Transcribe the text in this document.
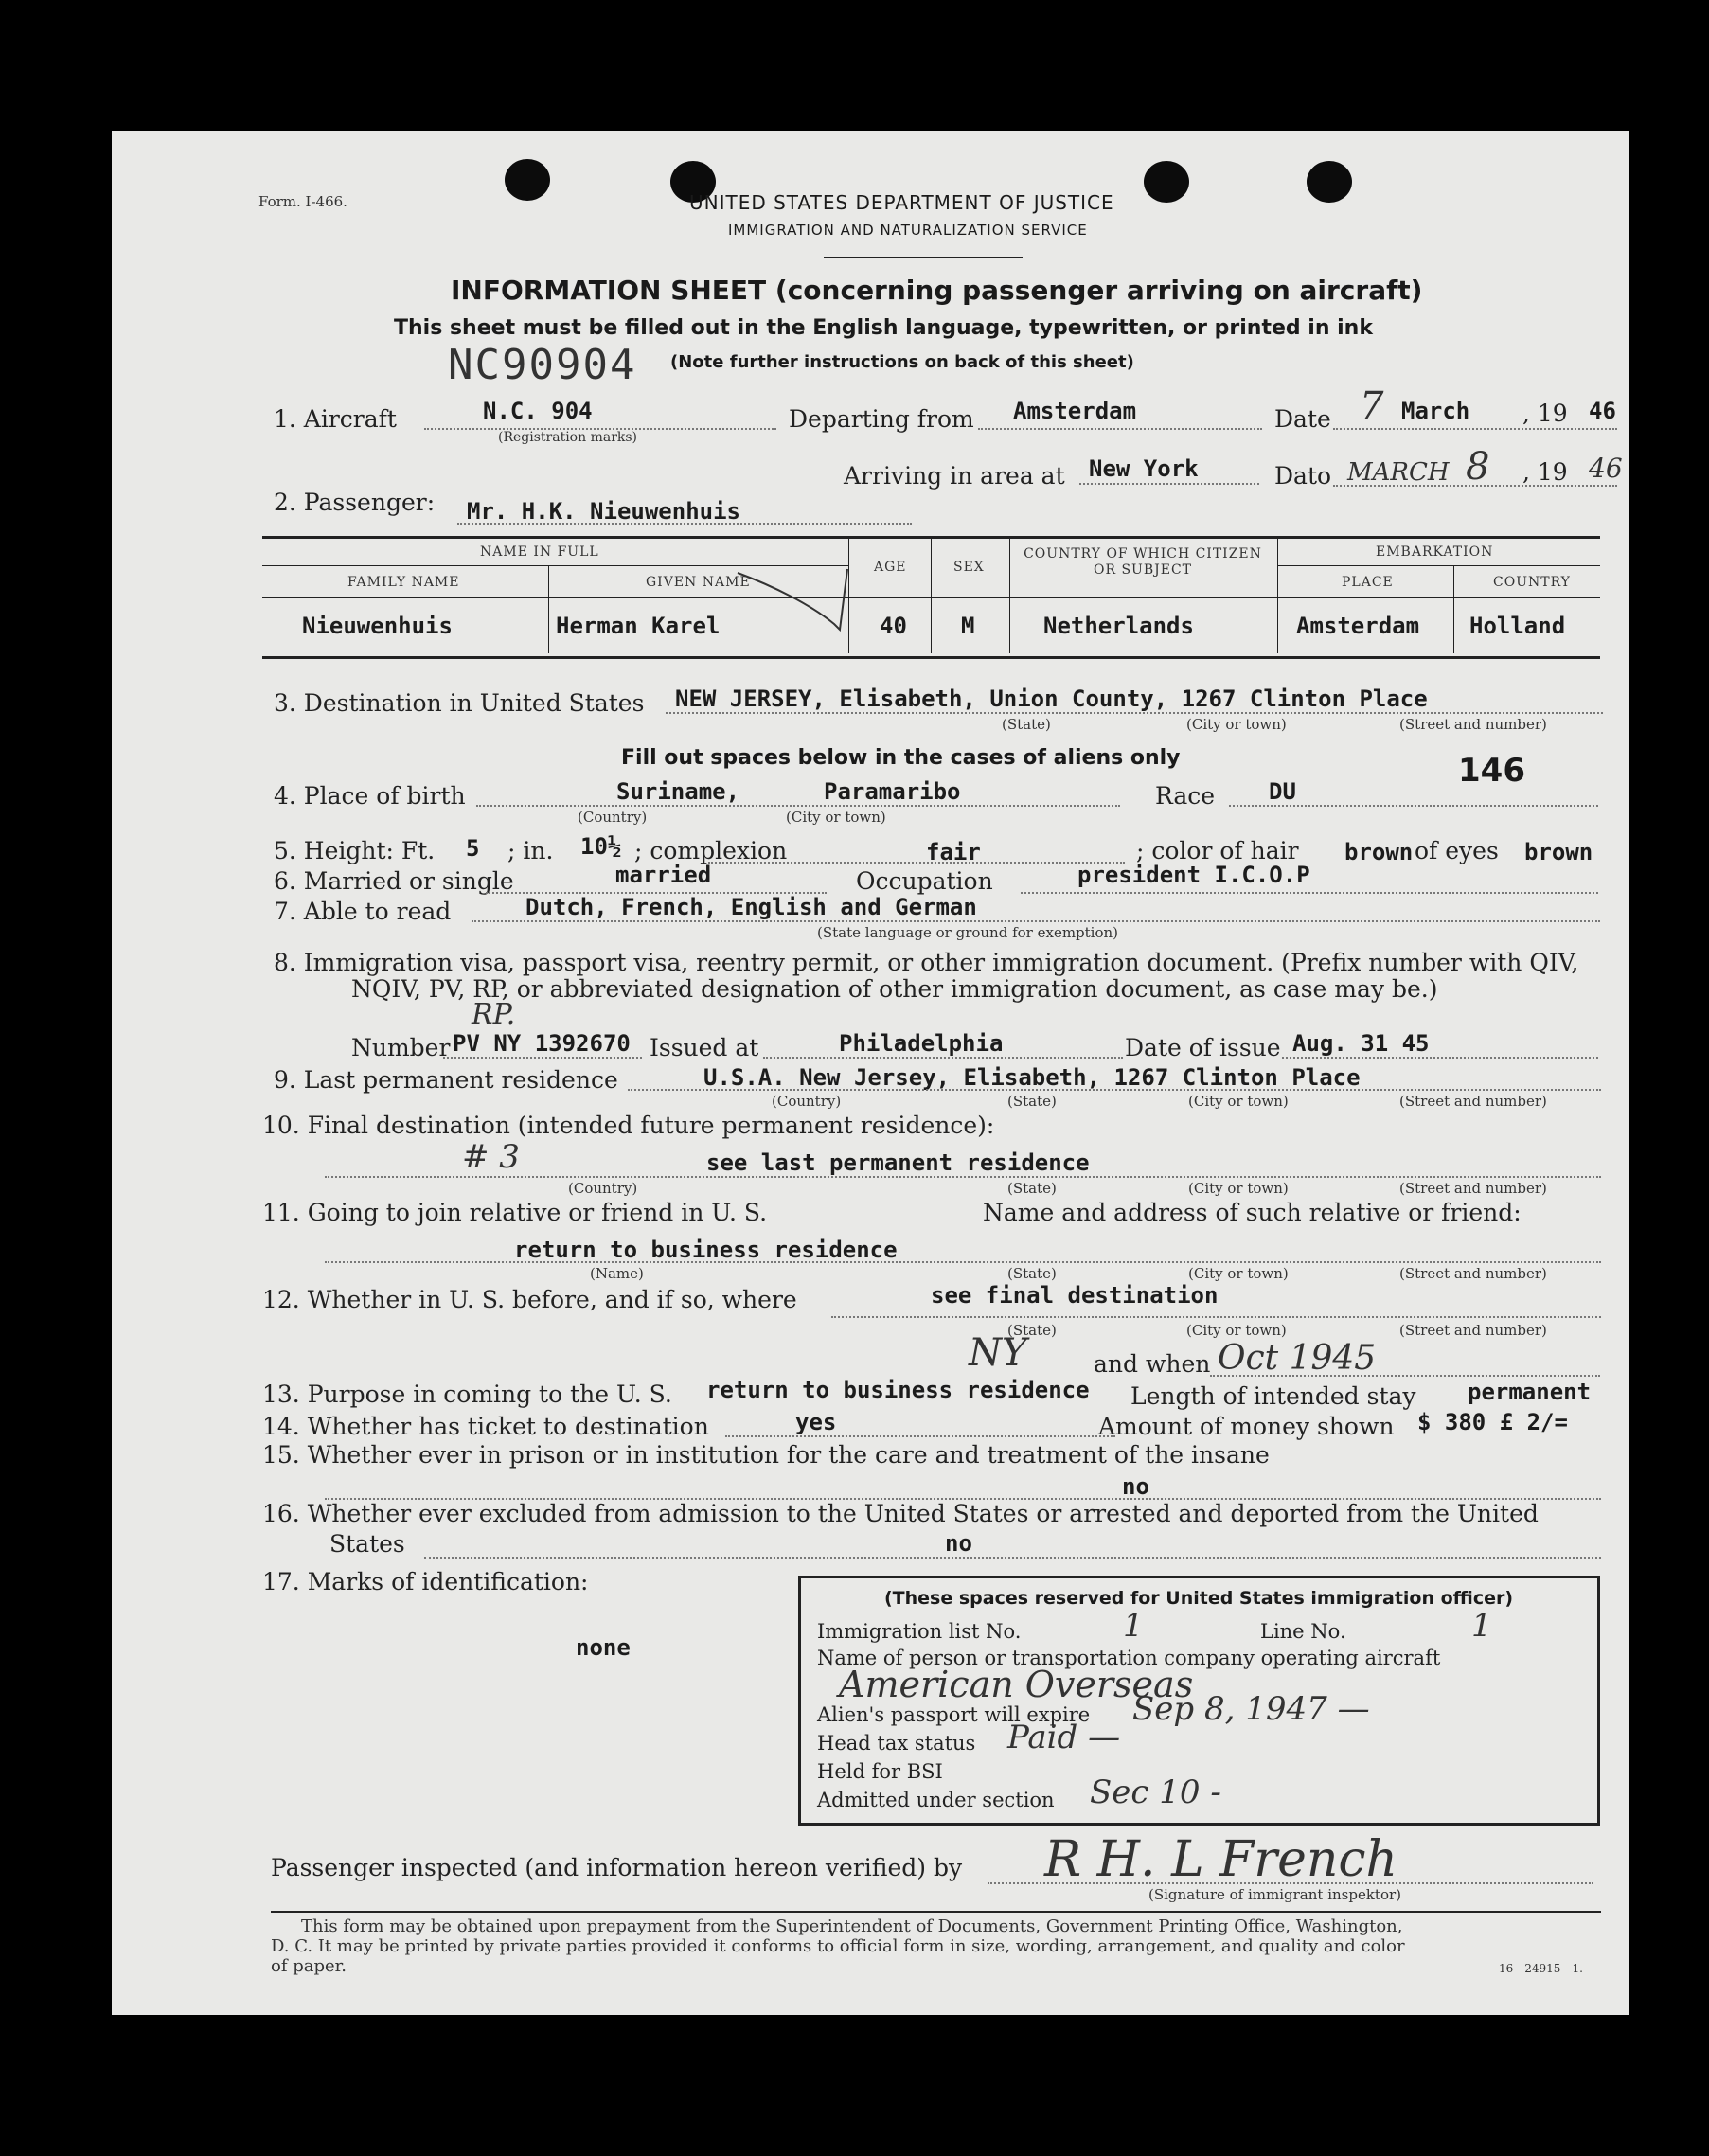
Form. I-466.	UNITED STATES DEPARTMENT OF JUSTICE
IMMIGRATION AND NATURALIZATION SERVICE
INFORMATION SHEET (concerning passenger arriving on aircraft)
This sheet must be filled out in the English language, typewritten, or printed in ink
NC90904 (Note further instructions on back of this sheet)
1. Aircraft	N.C. 904
(Registration marks)
Departing from Amsterdam	Date 7 March , 19 46
Arriving in area at New York	Dato MARCH 8 , 19 46
2. Passenger: Mr. H.K. Nieuwenhuis
NAME IN FULL
FAMILY NAME	GIVEN NAME
AGE	SEX
COUNTRY OF WHICH CITIZEN OR SUBJECT
EMBARKATION
PLACE	COUNTRY
Nieuwenhuis	Herman Karel	40 M	Netherlands	Amsterdam Holland
3. Destination in United States NEW JERSEY, Elisabeth, Union County, 1267 Clinton Place
(State)	(City or town)	(Street and number)
Fill out spaces below in the cases of aliens only	146
4. Place of birth	Suriname,	Paramaribo
(Country)	(City or town)
Race DU
5. Height: Ft. 5 ; in. 10½ ; complexion	fair	; color of hair brown of eyes brown
6. Married or single	married	Occupation	president I.C.O.P
7. Able to read	Dutch, French, English and German
(State language or ground for exemption)
8. Immigration visa, passport visa, reentry permit, or other immigration document. (Prefix number with QIV,
NQIV, PV, RP, or abbreviated designation of other immigration document, as case may be.)
RP.
Number PV NY 1392670 Issued at	Philadelphia	Date of issue Aug. 31 45
9. Last permanent residence	U.S.A. New Jersey, Elisabeth, 1267 Clinton Place
(Country)	(State)	(City or town)	(Street and number)
10. Final destination (intended future permanent residence):
# 3	see last permanent residence
(Country)	(State)	(City or town)	(Street and number)
11. Going to join relative or friend in U. S.	Name and address of such relative or friend:
return to business residence
(Name)	(State)	(City or town)	(Street and number)
12. Whether in U. S. before, and if so, where	see final destination
(State)	(City or town)	(Street and number)
NY	and when Oct 1945
13. Purpose in coming to the U. S. return to business residence Length of intended stay permanent
14. Whether has ticket to destination	yes	Amount of money shown $ 380 £ 2/=
15. Whether ever in prison or in institution for the care and treatment of the insane
no
16. Whether ever excluded from admission to the United States or arrested and deported from the United
States	no
17. Marks of identification:
none
(These spaces reserved for United States immigration officer)
Immigration list No.	1	Line No.	1
Name of person or transportation company operating aircraft
American Overseas
Alien's passport will expire Sep 8, 1947 —
Head tax status Paid —
Held for BSI
Admitted under section Sec 10 -
Passenger inspected (and information hereon verified) by R H. L French
(Signature of immigrant inspektor)
This form may be obtained upon prepayment from the Superintendent of Documents, Government Printing Office, Washington,
D. C. It may be printed by private parties provided it conforms to official form in size, wording, arrangement, and quality and color
of paper.	16—24915—1.
